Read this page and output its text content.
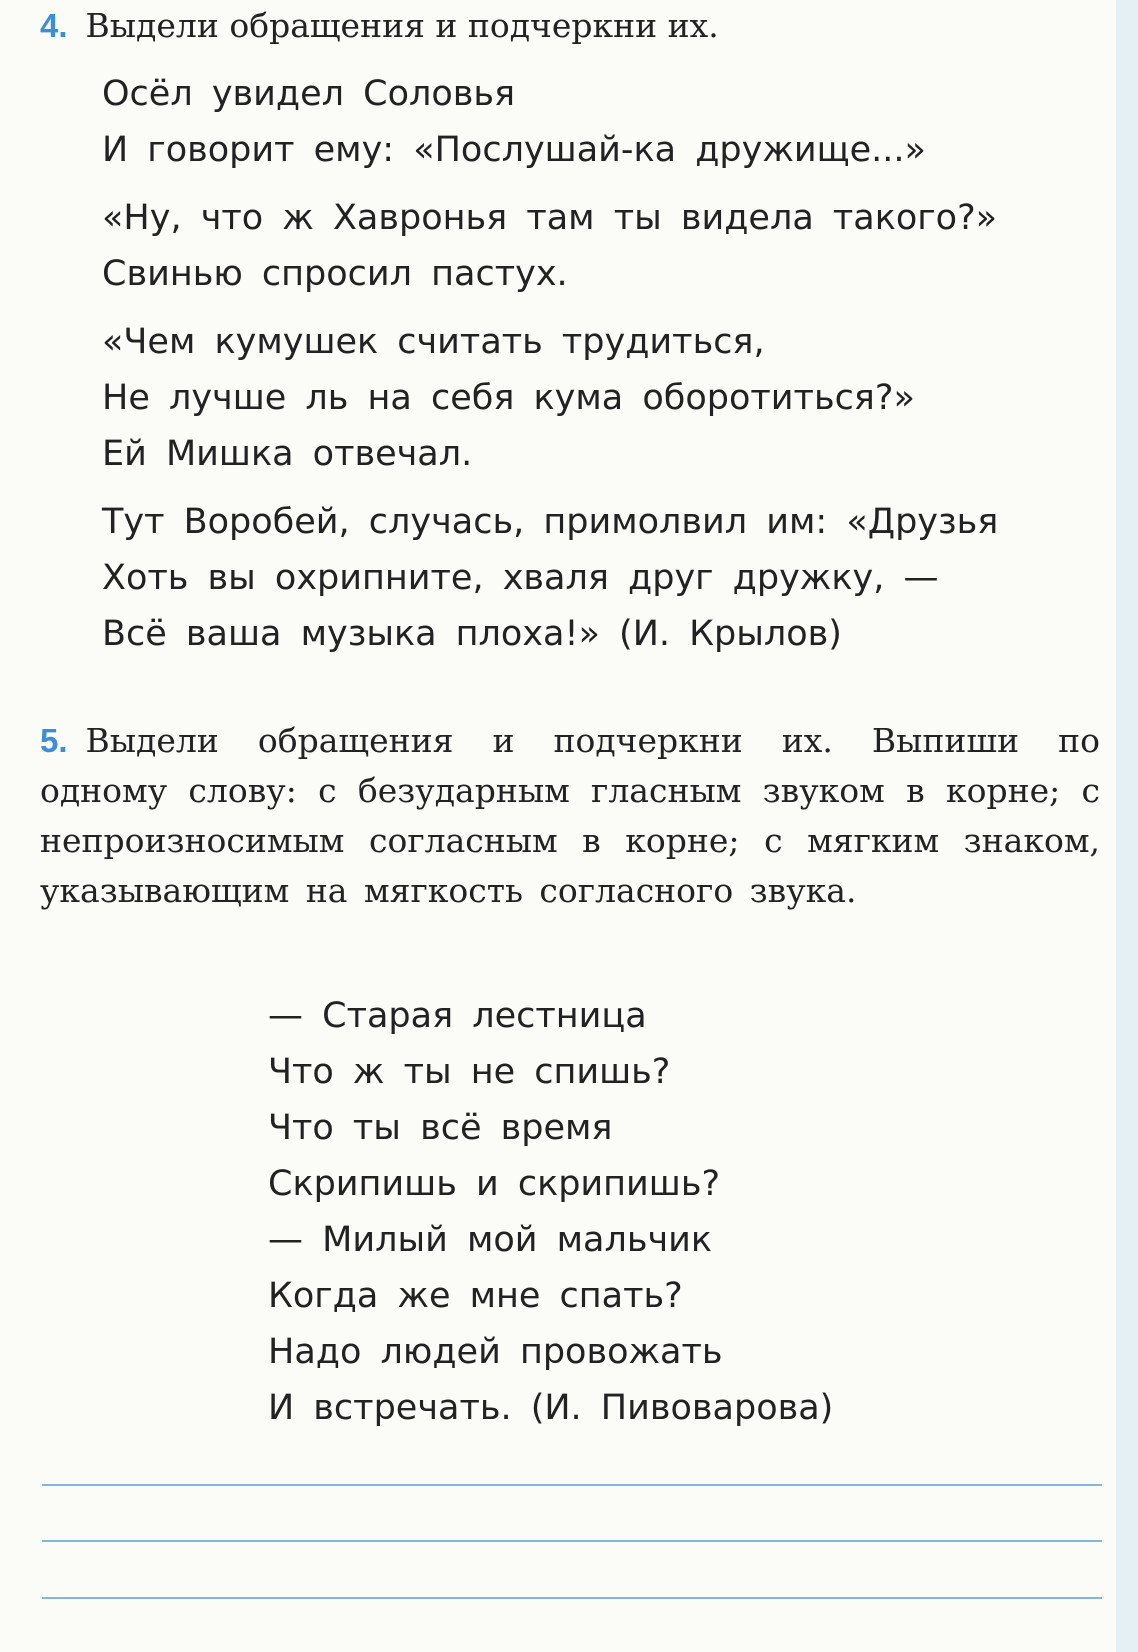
4. Выдели обращения и подчеркни их.
Осёл увидел Соловья
И говорит ему: «Послушай-ка дружище...»
«Ну, что ж Хавронья там ты видела такого?»
Свинью спросил пастух.
«Чем кумушек считать трудиться,
Не лучше ль на себя кума оборотиться?»
Ей Мишка отвечал.
Тут Воробей, случась, примолвил им: «Друзья
Хоть вы охрипните, хваля друг дружку, —
Всё ваша музыка плоха!» (И. Крылов)
5. Выдели обращения и подчеркни их. Выпиши по одному слову: с безударным гласным звуком в корне; с непроизносимым согласным в корне; с мягким знаком, указывающим на мягкость согласного звука.
— Старая лестница
Что ж ты не спишь?
Что ты всё время
Скрипишь и скрипишь?
— Милый мой мальчик
Когда же мне спать?
Надо людей провожать
И встречать. (И. Пивоварова)
